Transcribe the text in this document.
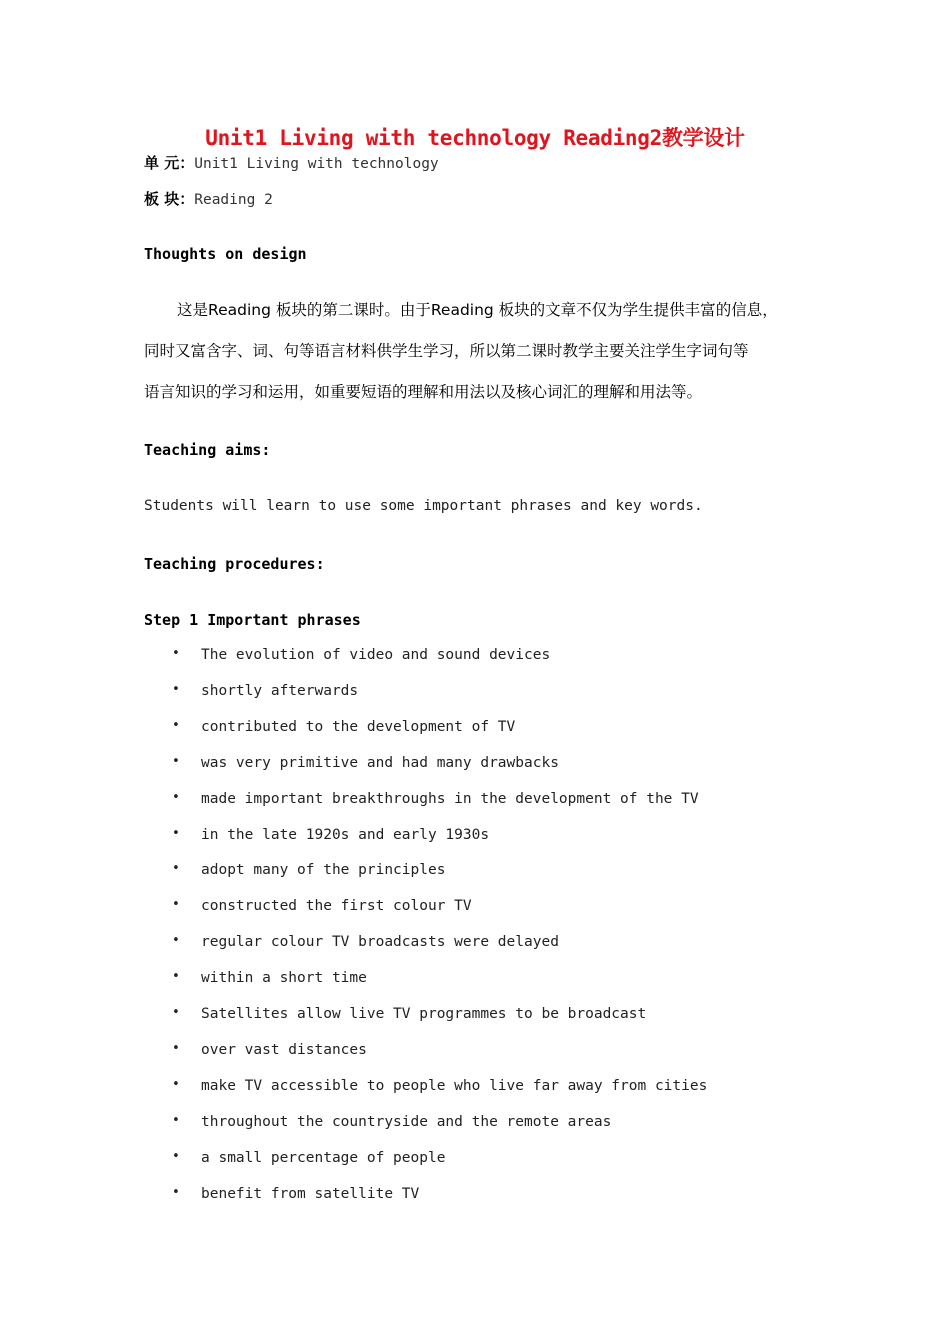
Unit1 Living with technology Reading2教学设计
单 元：Unit1 Living with technology
板 块：Reading 2
Thoughts on design

这是Reading 板块的第二课时。由于Reading 板块的文章不仅为学生提供丰富的信息，

同时又富含字、词、句等语言材料供学生学习，所以第二课时教学主要关注学生字词句等

语言知识的学习和运用，如重要短语的理解和用法以及核心词汇的理解和用法等。

Teaching aims:
Students will learn to use some important phrases and key words.
Teaching procedures:
Step 1 Important phrases
• The evolution of video and sound devices
• shortly afterwards
• contributed to the development of TV
• was very primitive and had many drawbacks
• made important breakthroughs in the development of the TV
• in the late 1920s and early 1930s
• adopt many of the principles
• constructed the first colour TV
• regular colour TV broadcasts were delayed
• within a short time
• Satellites allow live TV programmes to be broadcast
• over vast distances
• make TV accessible to people who live far away from cities
• throughout the countryside and the remote areas
• a small percentage of people
• benefit from satellite TV
